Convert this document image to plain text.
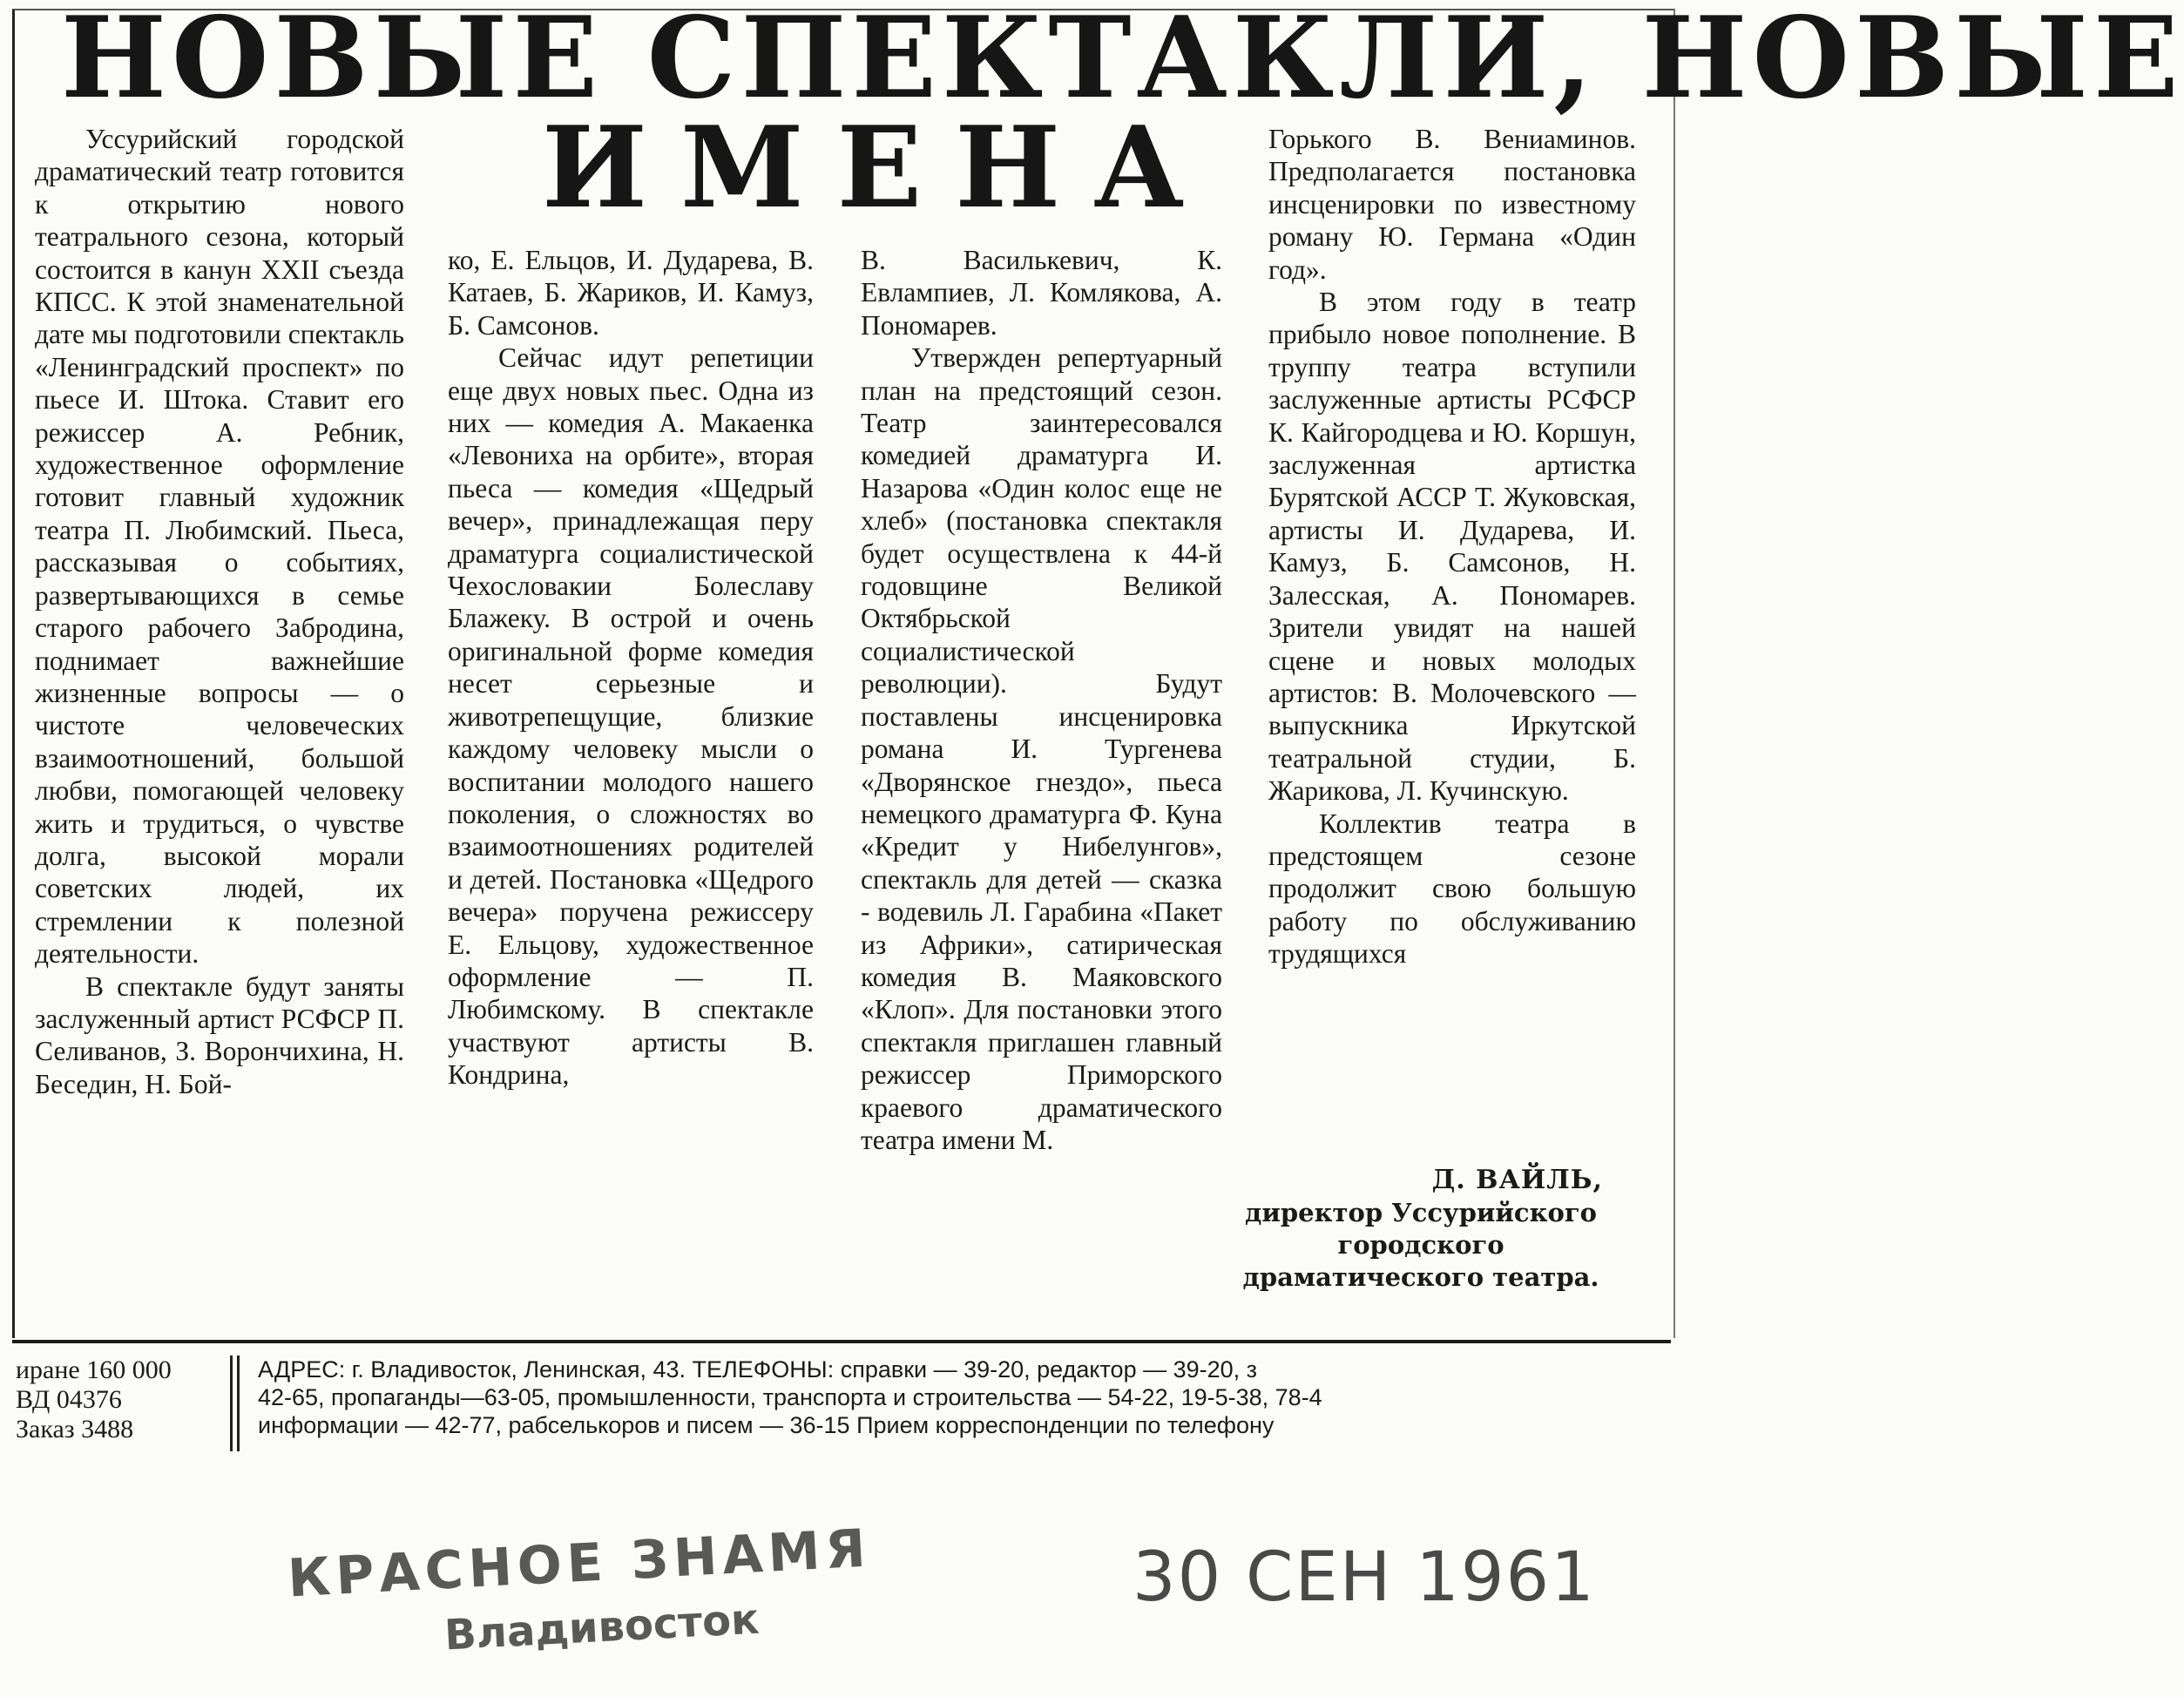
НОВЫЕ СПЕКТАКЛИ, НОВЫЕ
ИМЕНА

Уссурийский городской драматический театр готовится к открытию нового театрального сезона, который состоится в канун XXII съезда КПСС. К этой знаменательной дате мы подготовили спектакль «Ленинградский проспект» по пьесе И. Штока. Ставит его режиссер А. Ребник, художественное оформление готовит главный художник театра П. Любимский. Пьеса, рассказывая о событиях, развертывающихся в семье старого рабочего Забродина, поднимает важнейшие жизненные вопросы — о чистоте человеческих взаимоотношений, большой любви, помогающей человеку жить и трудиться, о чувстве долга, высокой морали советских людей, их стремлении к полезной деятельности.

В спектакле будут заняты заслуженный артист РСФСР П. Селиванов, З. Ворончихина, Н. Беседин, Н. Бой-

ко, Е. Ельцов, И. Дударева, В. Катаев, Б. Жариков, И. Камуз, Б. Самсонов.

Сейчас идут репетиции еще двух новых пьес. Одна из них — комедия А. Макаенка «Левониха на орбите», вторая пьеса — комедия «Щедрый вечер», принадлежащая перу драматурга социалистической Чехословакии Болеславу Блажеку. В острой и очень оригинальной форме комедия несет серьезные и животрепещущие, близкие каждому человеку мысли о воспитании молодого нашего поколения, о сложностях во взаимоотношениях родителей и детей. Постановка «Щедрого вечера» поручена режиссеру Е. Ельцову, художественное оформление — П. Любимскому. В спектакле участвуют артисты В. Кондрина,

В. Василькевич, К. Евлампиев, Л. Комлякова, А. Пономарев.

Утвержден репертуарный план на предстоящий сезон. Театр заинтересовался комедией драматурга И. Назарова «Один колос еще не хлеб» (постановка спектакля будет осуществлена к 44-й годовщине Великой Октябрьской социалистической революции). Будут поставлены инсценировка романа И. Тургенева «Дворянское гнездо», пьеса немецкого драматурга Ф. Куна «Кредит у Нибелунгов», спектакль для детей — сказка - водевиль Л. Гарабина «Пакет из Африки», сатирическая комедия В. Маяковского «Клоп». Для постановки этого спектакля приглашен главный режиссер Приморского краевого драматического театра имени М.

Горького В. Вениаминов. Предполагается постановка инсценировки по известному роману Ю. Германа «Один год».

В этом году в театр прибыло новое пополнение. В труппу театра вступили заслуженные артисты РСФСР К. Кайгородцева и Ю. Коршун, заслуженная артистка Бурятской АССР Т. Жуковская, артисты И. Дударева, И. Камуз, Б. Самсонов, Н. Залесская, А. Пономарев. Зрители увидят на нашей сцене и новых молодых артистов: В. Молочевского — выпускника Иркутской театральной студии, Б. Жарикова, Л. Кучинскую.

Коллектив театра в предстоящем сезоне продолжит свою большую работу по обслуживанию трудящихся

Д. ВАЙЛЬ,
директор Уссурийского городского драматического театра.
иране 160 000
ВД 04376
Заказ 3488
АДРЕС: г. Владивосток, Ленинская, 43. ТЕЛЕФОНЫ: справки — 39-20, редактор — 39-20, з
42-65, пропаганды—63-05, промышленности, транспорта и строительства — 54-22, 19-5-38, 78-4
информации — 42-77, рабселькоров и писем — 36-15 Прием корреспонденции по телефону
КРАСНОЕ ЗНАМЯ
Владивосток
30 СЕН 1961
